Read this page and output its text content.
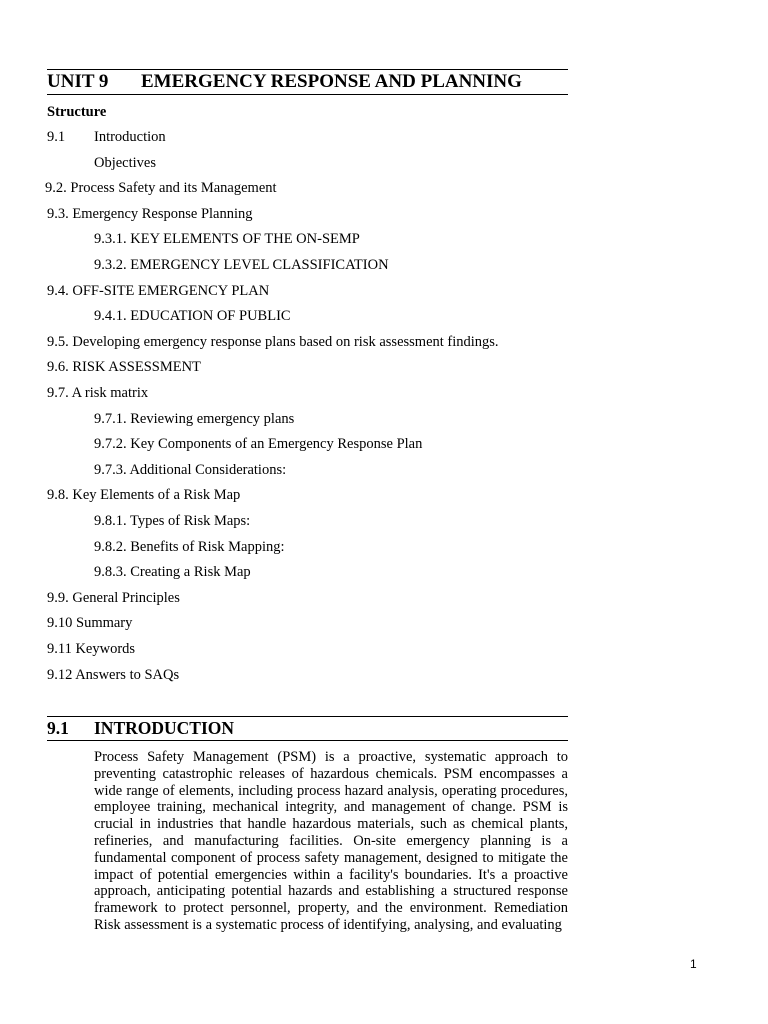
UNIT 9 EMERGENCY RESPONSE AND PLANNING
Structure
9.1 Introduction
Objectives
9.2. Process Safety and its Management
9.3. Emergency Response Planning
9.3.1. KEY ELEMENTS OF THE ON-SEMP
9.3.2. EMERGENCY LEVEL CLASSIFICATION
9.4. OFF-SITE EMERGENCY PLAN
9.4.1. EDUCATION OF PUBLIC
9.5. Developing emergency response plans based on risk assessment findings.
9.6. RISK ASSESSMENT
9.7. A risk matrix
9.7.1. Reviewing emergency plans
9.7.2. Key Components of an Emergency Response Plan
9.7.3. Additional Considerations:
9.8. Key Elements of a Risk Map
9.8.1. Types of Risk Maps:
9.8.2. Benefits of Risk Mapping:
9.8.3. Creating a Risk Map
9.9. General Principles
9.10 Summary
9.11 Keywords
9.12 Answers to SAQs
9.1 INTRODUCTION

Process Safety Management (PSM) is a proactive, systematic approach to preventing catastrophic releases of hazardous chemicals. PSM encompasses a wide range of elements, including process hazard analysis, operating procedures, employee training, mechanical integrity, and management of change. PSM is crucial in industries that handle hazardous materials, such as chemical plants, refineries, and manufacturing facilities. On-site emergency planning is a fundamental component of process safety management, designed to mitigate the impact of potential emergencies within a facility's boundaries. It's a proactive approach, anticipating potential hazards and establishing a structured response framework to protect personnel, property, and the environment. Remediation Risk assessment is a systematic process of identifying, analysing, and evaluating

1
